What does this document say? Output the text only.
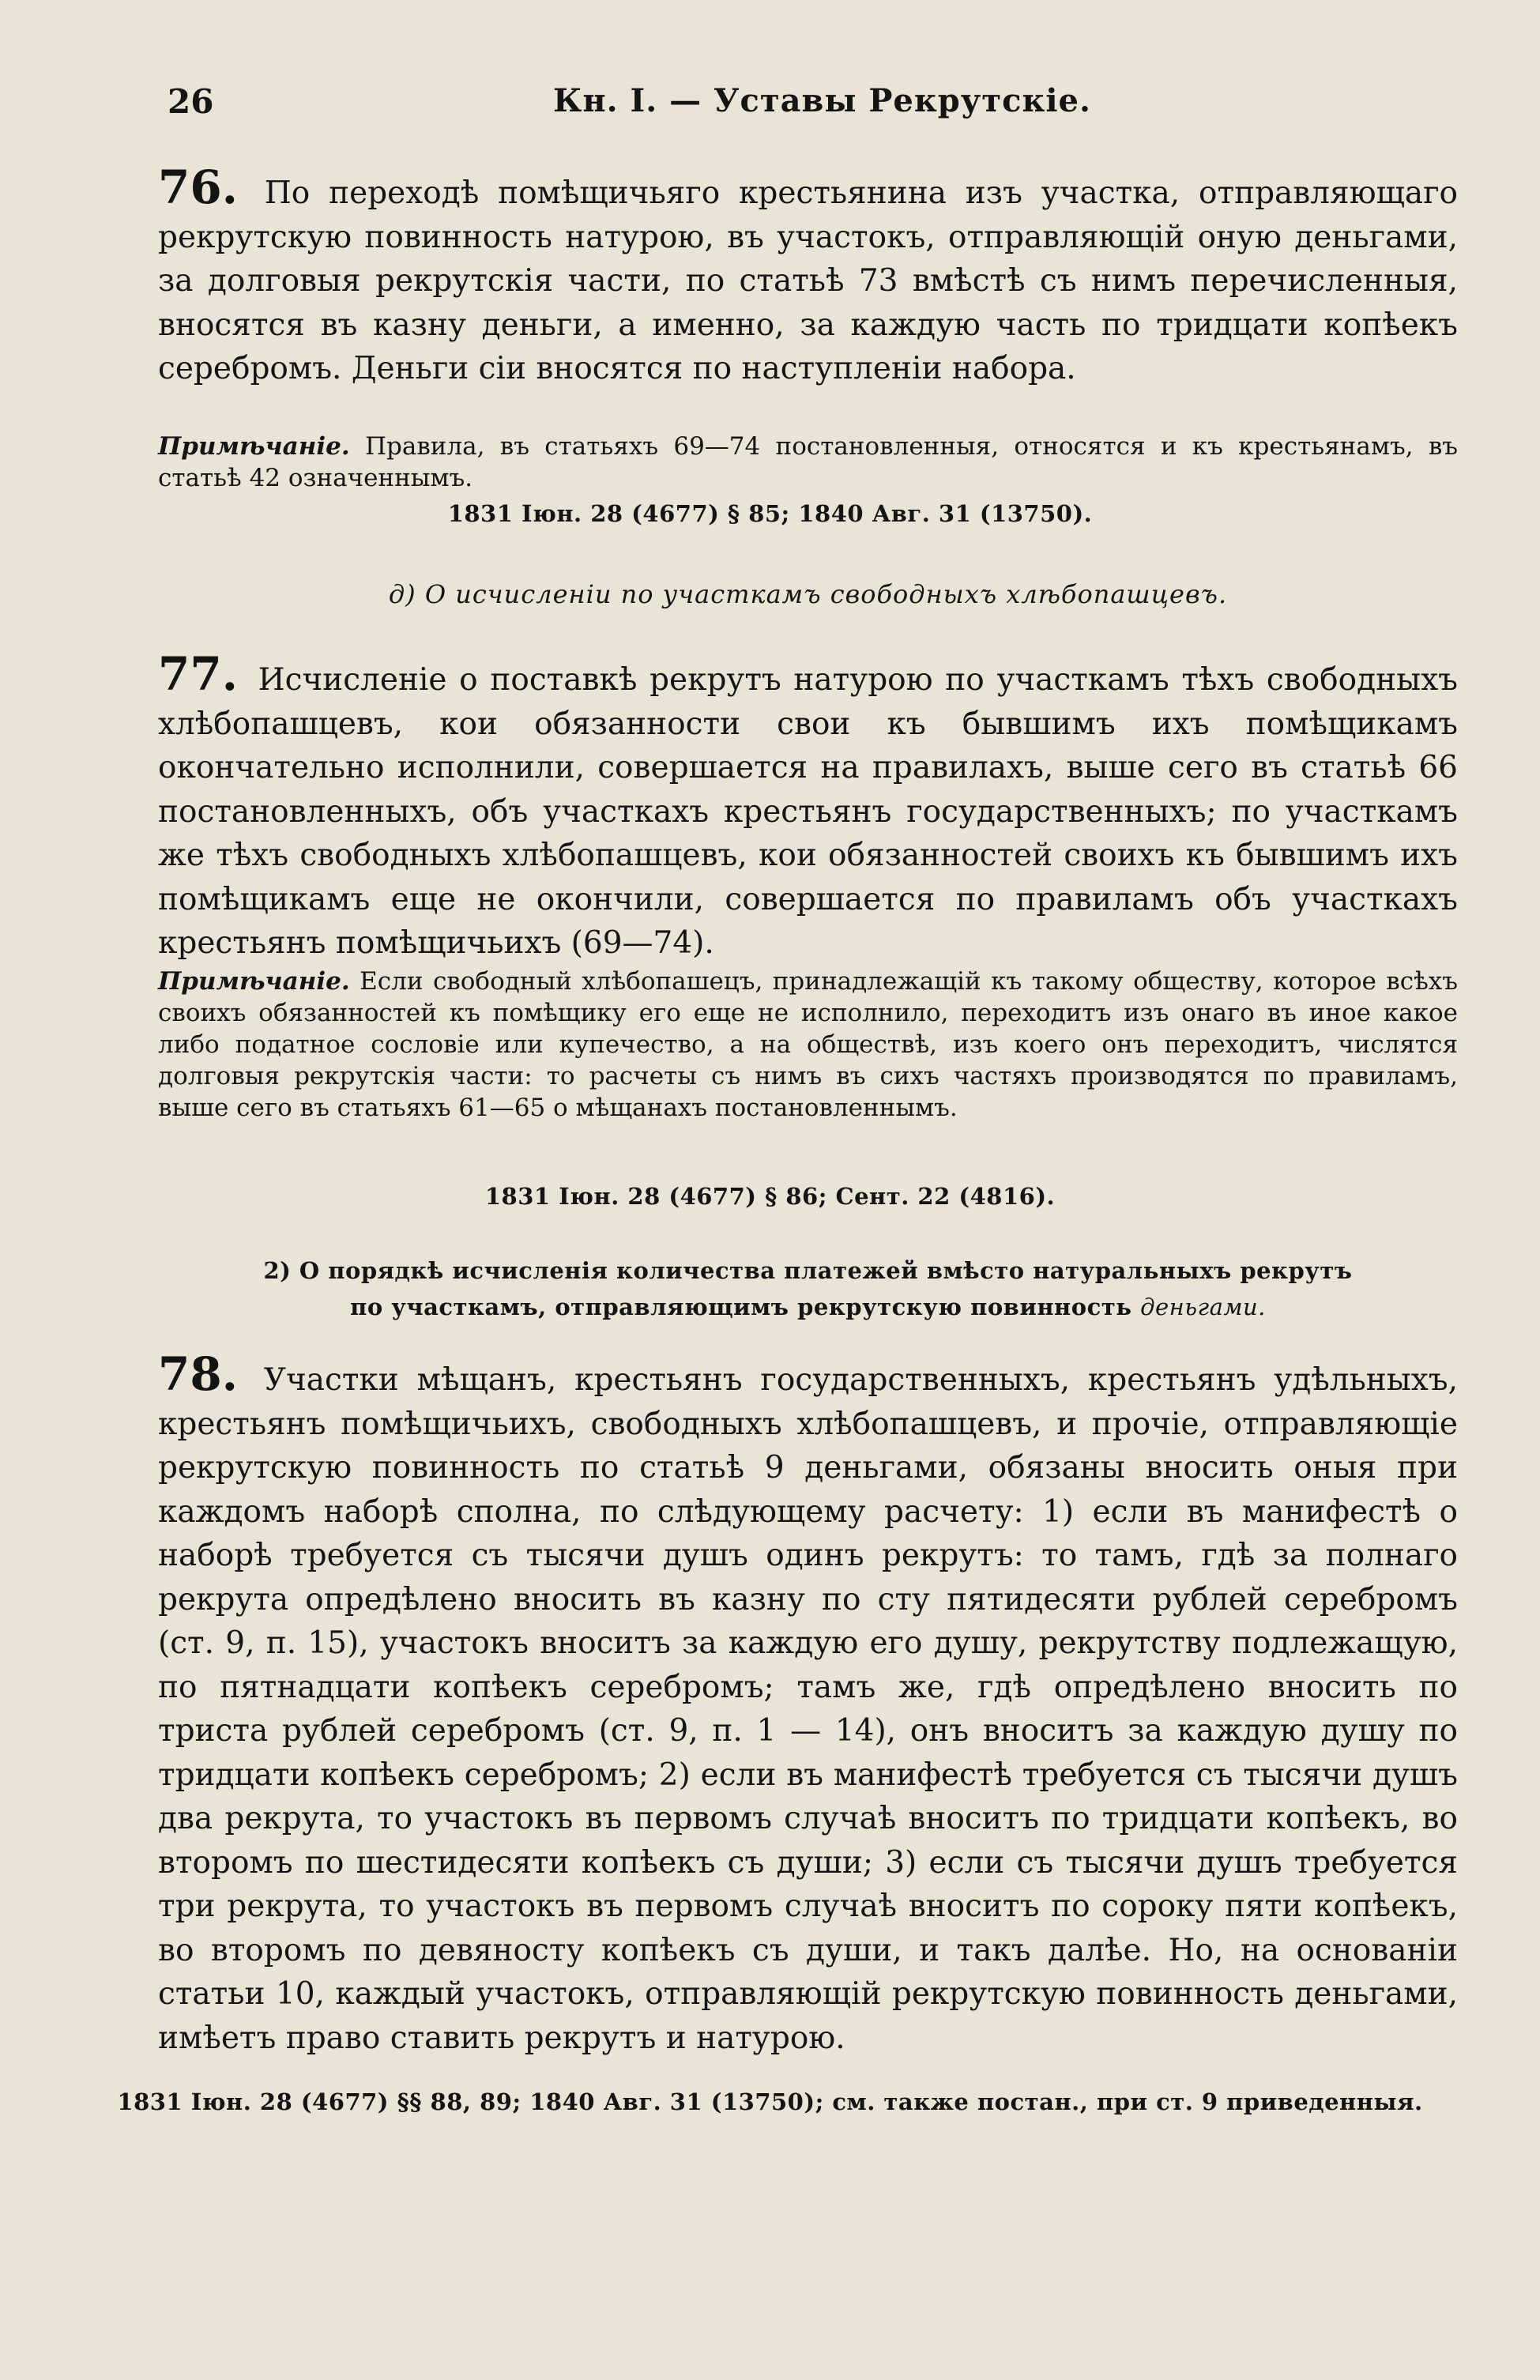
26	Кн. I. — Уставы Рекрутскіе.
76. По переходѣ помѣщичьяго крестьянина изъ участка, отправляющаго рекрутскую повинность натурою, въ участокъ, отправляющій оную деньгами, за долговыя рекрутскія части, по статьѣ 73 вмѣстѣ съ нимъ перечисленныя, вносятся въ казну деньги, а именно, за каждую часть по тридцати копѣекъ серебромъ. Деньги сіи вносятся по наступленіи набора.
Примѣчаніе. Правила, въ статьяхъ 69—74 постановленныя, относятся и къ крестьянамъ, въ статьѣ 42 означеннымъ.
1831 Іюн. 28 (4677) § 85; 1840 Авг. 31 (13750).
д) О исчисленіи по участкамъ свободныхъ хлѣбопашцевъ.
77. Исчисленіе о поставкѣ рекрутъ натурою по участкамъ тѣхъ свободныхъ хлѣбопашцевъ, кои обязанности свои къ бывшимъ ихъ помѣщикамъ окончательно исполнили, совершается на правилахъ, выше сего въ статьѣ 66 постановленныхъ, объ участкахъ крестьянъ государственныхъ; по участкамъ же тѣхъ свободныхъ хлѣбопашцевъ, кои обязанностей своихъ къ бывшимъ ихъ помѣщикамъ еще не окончили, совершается по правиламъ объ участкахъ крестьянъ помѣщичьихъ (69—74).
Примѣчаніе. Если свободный хлѣбопашецъ, принадлежащій къ такому обществу, которое всѣхъ своихъ обязанностей къ помѣщику его еще не исполнило, переходитъ изъ онаго въ иное какое либо податное сословіе или купечество, а на обществѣ, изъ коего онъ переходитъ, числятся долговыя рекрутскія части: то расчеты съ нимъ въ сихъ частяхъ производятся по правиламъ, выше сего въ статьяхъ 61—65 о мѣщанахъ постановленнымъ.
1831 Іюн. 28 (4677) § 86; Сент. 22 (4816).
2) О порядкѣ исчисленія количества платежей вмѣсто натуральныхъ рекрутъ
по участкамъ, отправляющимъ рекрутскую повинность деньгами.
78. Участки мѣщанъ, крестьянъ государственныхъ, крестьянъ удѣльныхъ, крестьянъ помѣщичьихъ, свободныхъ хлѣбопашцевъ, и прочіе, отправляющіе рекрутскую повинность по статьѣ 9 деньгами, обязаны вносить оныя при каждомъ наборѣ сполна, по слѣдующему расчету: 1) если въ манифестѣ о наборѣ требуется съ тысячи душъ одинъ рекрутъ: то тамъ, гдѣ за полнаго рекрута опредѣлено вносить въ казну по сту пятидесяти рублей серебромъ (ст. 9, п. 15), участокъ вноситъ за каждую его душу, рекрутству подлежащую, по пятнадцати копѣекъ серебромъ; тамъ же, гдѣ опредѣлено вносить по триста рублей серебромъ (ст. 9, п. 1 — 14), онъ вноситъ за каждую душу по тридцати копѣекъ серебромъ; 2) если въ манифестѣ требуется съ тысячи душъ два рекрута, то участокъ въ первомъ случаѣ вноситъ по тридцати копѣекъ, во второмъ по шестидесяти копѣекъ съ души; 3) если съ тысячи душъ требуется три рекрута, то участокъ въ первомъ случаѣ вноситъ по сороку пяти копѣекъ, во второмъ по девяносту копѣекъ съ души, и такъ далѣе. Но, на основаніи статьи 10, каждый участокъ, отправляющій рекрутскую повинность деньгами, имѣетъ право ставить рекрутъ и натурою.
1831 Іюн. 28 (4677) §§ 88, 89; 1840 Авг. 31 (13750); см. также постан., при ст. 9 приведенныя.
